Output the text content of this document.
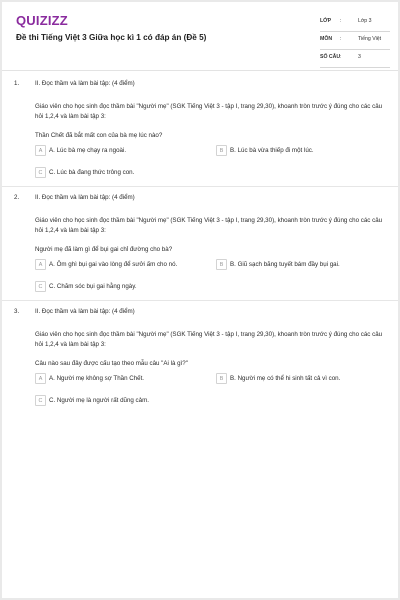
QUIZIZZ
Đề thi Tiếng Việt 3 Giữa học kì 1 có đáp án (Đề 5)
LỚP :	Lớp 3
MÔN :	Tiếng Việt
SỐ CÂU :	3
1.	II. Đọc thầm và làm bài tập: (4 điểm)
Giáo viên cho học sinh đọc thầm bài "Người mẹ" (SGK Tiếng Việt 3 - tập I, trang 29,30), khoanh tròn trước ý đúng cho các câu hỏi 1,2,4 và làm bài tập 3:
Thần Chết đã bắt mất con của bà mẹ lúc nào?
A	A. Lúc bà mẹ chạy ra ngoài.	B	B. Lúc bà vừa thiếp đi một lúc.
C	C. Lúc bà đang thức trông con.
2.	II. Đọc thầm và làm bài tập: (4 điểm)
Giáo viên cho học sinh đọc thầm bài "Người mẹ" (SGK Tiếng Việt 3 - tập I, trang 29,30), khoanh tròn trước ý đúng cho các câu hỏi 1,2,4 và làm bài tập 3:
Người mẹ đã làm gì để bụi gai chỉ đường cho bà?
A	A. Ôm ghì bụi gai vào lòng để sưởi ấm cho nó.	B	B. Giũ sạch băng tuyết bám đầy bụi gai.
C	C. Chăm sóc bụi gai hằng ngày.
3.	II. Đọc thầm và làm bài tập: (4 điểm)
Giáo viên cho học sinh đọc thầm bài "Người mẹ" (SGK Tiếng Việt 3 - tập I, trang 29,30), khoanh tròn trước ý đúng cho các câu hỏi 1,2,4 và làm bài tập 3:
Câu nào sau đây được cấu tạo theo mẫu câu "Ai là gì?"
A	A. Người mẹ không sợ Thần Chết.	B	B. Người mẹ có thể hi sinh tất cả vì con.
C	C. Người mẹ là người rất dũng cảm.
